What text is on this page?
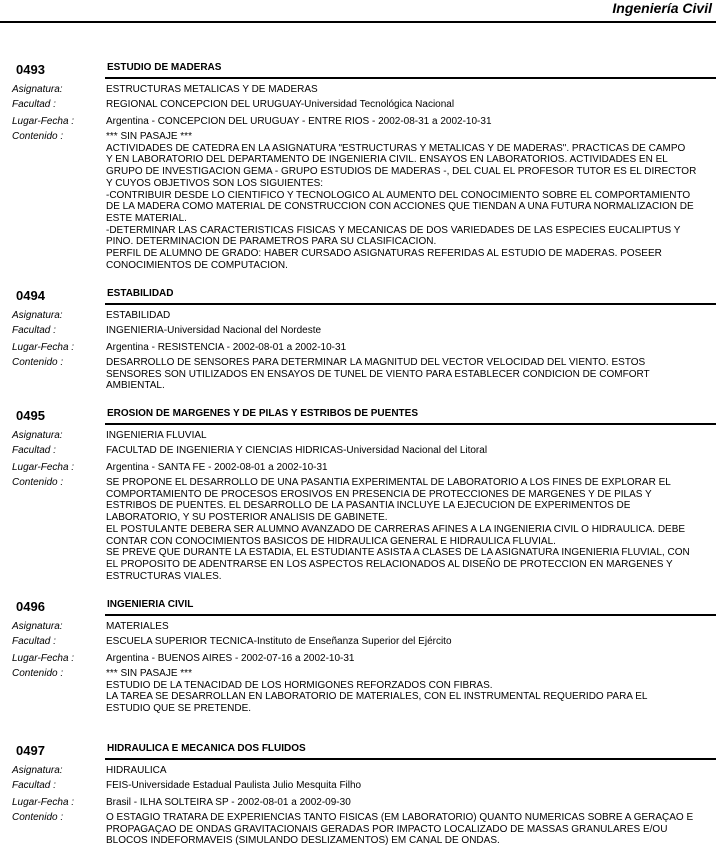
Ingeniería Civil
0493	ESTUDIO DE MADERAS
Asignatura:	ESTRUCTURAS METALICAS Y DE MADERAS
Facultad :	REGIONAL CONCEPCION DEL URUGUAY-Universidad Tecnológica Nacional
Lugar-Fecha :	Argentina - CONCEPCION DEL URUGUAY - ENTRE RIOS - 2002-08-31 a 2002-10-31
Contenido :	*** SIN PASAJE ***

ACTIVIDADES DE CATEDRA EN LA ASIGNATURA "ESTRUCTURAS Y METALICAS Y DE MADERAS". PRACTICAS DE CAMPO

Y EN LABORATORIO DEL DEPARTAMENTO DE INGENIERIA CIVIL. ENSAYOS EN LABORATORIOS. ACTIVIDADES EN EL

GRUPO DE INVESTIGACION GEMA - GRUPO ESTUDIOS DE MADERAS -, DEL CUAL EL PROFESOR TUTOR ES EL DIRECTOR

Y CUYOS OBJETIVOS SON LOS SIGUIENTES:

-CONTRIBUIR DESDE LO CIENTIFICO Y TECNOLOGICO AL AUMENTO DEL CONOCIMIENTO SOBRE EL COMPORTAMIENTO

DE LA MADERA COMO MATERIAL DE CONSTRUCCION CON ACCIONES QUE TIENDAN A UNA FUTURA NORMALIZACION DE

ESTE MATERIAL.

-DETERMINAR LAS CARACTERISTICAS FISICAS Y MECANICAS DE DOS VARIEDADES DE LAS ESPECIES EUCALIPTUS Y

PINO. DETERMINACION DE PARAMETROS PARA SU CLASIFICACION.

PERFIL DE ALUMNO DE GRADO: HABER CURSADO ASIGNATURAS REFERIDAS AL ESTUDIO DE MADERAS. POSEER

CONOCIMIENTOS DE COMPUTACION.

0494	ESTABILIDAD
Asignatura:	ESTABILIDAD
Facultad :	INGENIERIA-Universidad Nacional del Nordeste
Lugar-Fecha :	Argentina - RESISTENCIA - 2002-08-01 a 2002-10-31
Contenido :	DESARROLLO DE SENSORES PARA DETERMINAR LA MAGNITUD DEL VECTOR VELOCIDAD DEL VIENTO. ESTOS

SENSORES SON UTILIZADOS EN ENSAYOS DE TUNEL DE VIENTO PARA ESTABLECER CONDICION DE COMFORT

AMBIENTAL.

0495	EROSION DE MARGENES Y DE PILAS Y ESTRIBOS DE PUENTES
Asignatura:	INGENIERIA FLUVIAL
Facultad :	FACULTAD DE INGENIERIA Y CIENCIAS HIDRICAS-Universidad Nacional del Litoral
Lugar-Fecha :	Argentina - SANTA FE - 2002-08-01 a 2002-10-31
Contenido :	SE PROPONE EL DESARROLLO DE UNA PASANTIA EXPERIMENTAL DE LABORATORIO A LOS FINES DE EXPLORAR EL

COMPORTAMIENTO DE PROCESOS EROSIVOS EN PRESENCIA DE PROTECCIONES DE MARGENES Y DE PILAS Y

ESTRIBOS DE PUENTES. EL DESARROLLO DE LA PASANTIA INCLUYE LA EJECUCION DE EXPERIMENTOS DE

LABORATORIO, Y SU POSTERIOR ANALISIS DE GABINETE.

EL POSTULANTE DEBERA SER ALUMNO AVANZADO DE CARRERAS AFINES A LA INGENIERIA CIVIL O HIDRAULICA. DEBE

CONTAR CON CONOCIMIENTOS BASICOS DE HIDRAULICA GENERAL E HIDRAULICA FLUVIAL.

SE PREVE QUE DURANTE LA ESTADIA, EL ESTUDIANTE ASISTA A CLASES DE LA ASIGNATURA INGENIERIA FLUVIAL, CON

EL PROPOSITO DE ADENTRARSE EN LOS ASPECTOS RELACIONADOS AL DISEÑO DE PROTECCION EN MARGENES Y

ESTRUCTURAS VIALES.

0496	INGENIERIA CIVIL
Asignatura:	MATERIALES
Facultad :	ESCUELA SUPERIOR TECNICA-Instituto de Enseñanza Superior del Ejército
Lugar-Fecha :	Argentina - BUENOS AIRES - 2002-07-16 a 2002-10-31
Contenido :	*** SIN PASAJE ***

ESTUDIO DE LA TENACIDAD DE LOS HORMIGONES REFORZADOS CON FIBRAS.

LA TAREA SE DESARROLLAN EN LABORATORIO DE MATERIALES, CON EL INSTRUMENTAL REQUERIDO PARA EL

ESTUDIO QUE SE PRETENDE.

0497	HIDRAULICA E MECANICA DOS FLUIDOS
Asignatura:	HIDRAULICA
Facultad :	FEIS-Universidade Estadual Paulista Julio Mesquita Filho
Lugar-Fecha :	Brasil - ILHA SOLTEIRA SP - 2002-08-01 a 2002-09-30
Contenido :	O ESTAGIO TRATARA DE EXPERIENCIAS TANTO FISICAS (EM LABORATORIO) QUANTO NUMERICAS SOBRE A GERAÇAO E

PROPAGAÇAO DE ONDAS GRAVITACIONAIS GERADAS POR IMPACTO LOCALIZADO DE MASSAS GRANULARES E/OU

BLOCOS INDEFORMAVEIS (SIMULANDO DESLIZAMENTOS) EM CANAL DE ONDAS.
